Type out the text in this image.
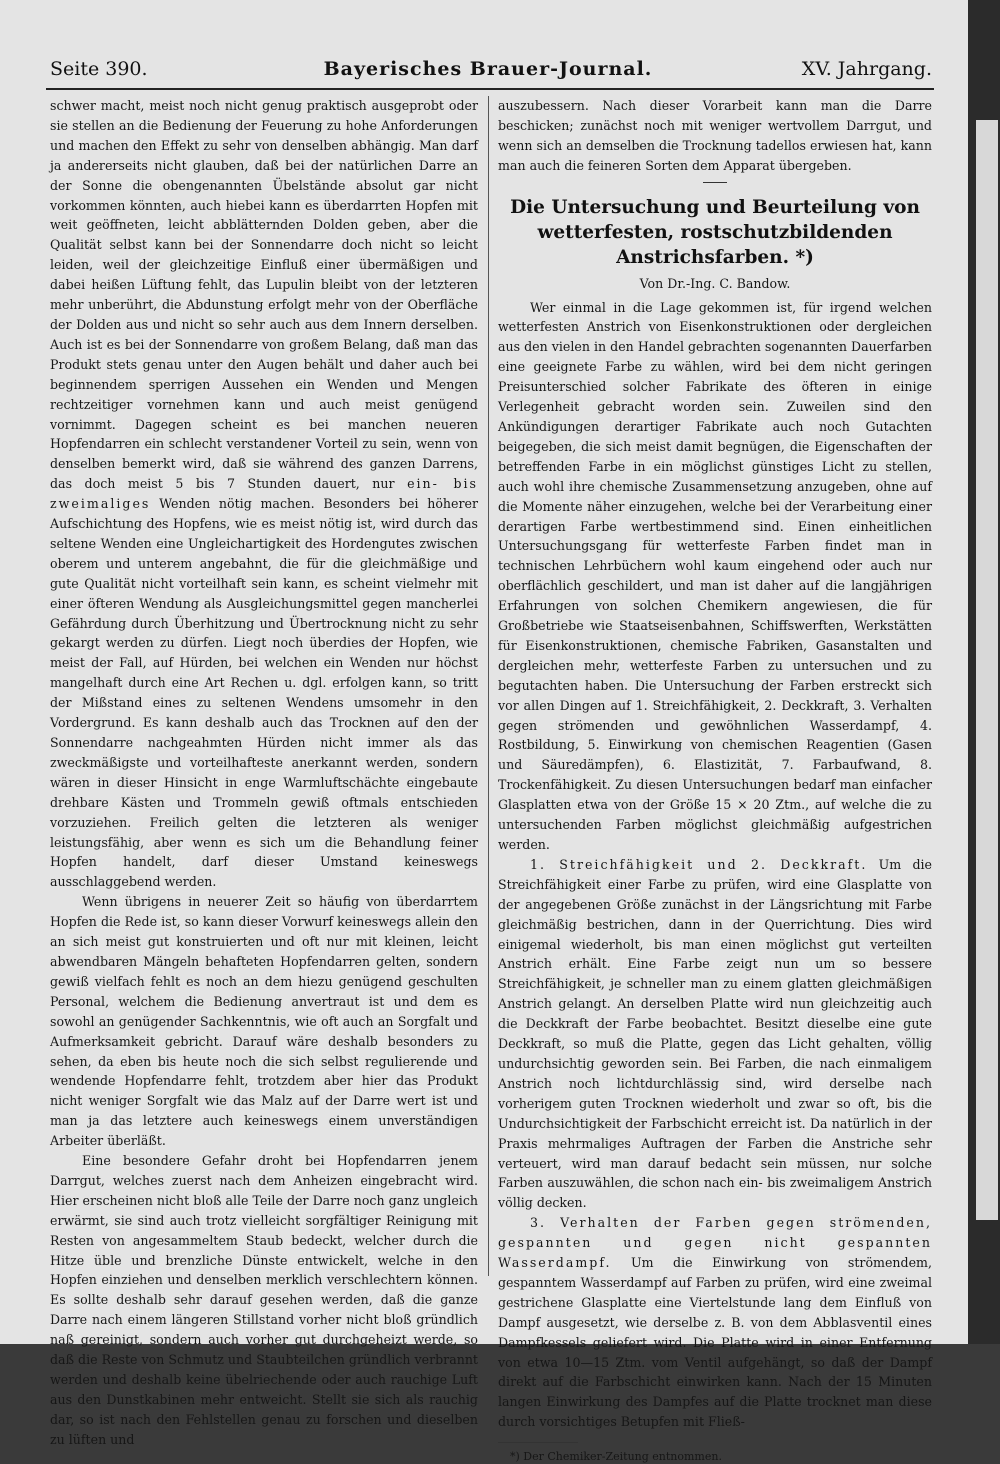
Seite 390.	Bayerisches Brauer-Journal.	XV. Jahrgang.

schwer macht, meist noch nicht genug praktisch ausgeprobt oder sie stellen an die Bedienung der Feuerung zu hohe Anforderungen und machen den Effekt zu sehr von denselben abhängig. Man darf ja andererseits nicht glauben, daß bei der natürlichen Darre an der Sonne die obengenannten Übelstände absolut gar nicht vorkommen könnten, auch hiebei kann es überdarrten Hopfen mit weit geöffneten, leicht abblätternden Dolden geben, aber die Qualität selbst kann bei der Sonnendarre doch nicht so leicht leiden, weil der gleichzeitige Einfluß einer übermäßigen und dabei heißen Lüftung fehlt, das Lupulin bleibt von der letzteren mehr unberührt, die Abdunstung erfolgt mehr von der Oberfläche der Dolden aus und nicht so sehr auch aus dem Innern derselben. Auch ist es bei der Sonnendarre von großem Belang, daß man das Produkt stets genau unter den Augen behält und daher auch bei beginnendem sperrigen Aussehen ein Wenden und Mengen rechtzeitiger vornehmen kann und auch meist genügend vornimmt. Dagegen scheint es bei manchen neueren Hopfendarren ein schlecht verstandener Vorteil zu sein, wenn von denselben bemerkt wird, daß sie während des ganzen Darrens, das doch meist 5 bis 7 Stunden dauert, nur ein- bis zweimaliges Wenden nötig machen. Besonders bei höherer Aufschichtung des Hopfens, wie es meist nötig ist, wird durch das seltene Wenden eine Ungleichartigkeit des Hordengutes zwischen oberem und unterem angebahnt, die für die gleichmäßige und gute Qualität nicht vorteilhaft sein kann, es scheint vielmehr mit einer öfteren Wendung als Ausgleichungsmittel gegen mancherlei Gefährdung durch Überhitzung und Übertrocknung nicht zu sehr gekargt werden zu dürfen. Liegt noch überdies der Hopfen, wie meist der Fall, auf Hürden, bei welchen ein Wenden nur höchst mangelhaft durch eine Art Rechen u. dgl. erfolgen kann, so tritt der Mißstand eines zu seltenen Wendens umsomehr in den Vordergrund. Es kann deshalb auch das Trocknen auf den der Sonnendarre nachgeahmten Hürden nicht immer als das zweckmäßigste und vorteilhafteste anerkannt werden, sondern wären in dieser Hinsicht in enge Warmluftschächte eingebaute drehbare Kästen und Trommeln gewiß oftmals entschieden vorzuziehen. Freilich gelten die letzteren als weniger leistungsfähig, aber wenn es sich um die Behandlung feiner Hopfen handelt, darf dieser Umstand keineswegs ausschlaggebend werden.

Wenn übrigens in neuerer Zeit so häufig von überdarrtem Hopfen die Rede ist, so kann dieser Vorwurf keineswegs allein den an sich meist gut konstruierten und oft nur mit kleinen, leicht abwendbaren Mängeln behafteten Hopfendarren gelten, sondern gewiß vielfach fehlt es noch an dem hiezu genügend geschulten Personal, welchem die Bedienung anvertraut ist und dem es sowohl an genügender Sachkenntnis, wie oft auch an Sorgfalt und Aufmerksamkeit gebricht. Darauf wäre deshalb besonders zu sehen, da eben bis heute noch die sich selbst regulierende und wendende Hopfendarre fehlt, trotzdem aber hier das Produkt nicht weniger Sorgfalt wie das Malz auf der Darre wert ist und man ja das letztere auch keineswegs einem unverständigen Arbeiter überläßt.

Eine besondere Gefahr droht bei Hopfendarren jenem Darrgut, welches zuerst nach dem Anheizen eingebracht wird. Hier erscheinen nicht bloß alle Teile der Darre noch ganz ungleich erwärmt, sie sind auch trotz vielleicht sorgfältiger Reinigung mit Resten von angesammeltem Staub bedeckt, welcher durch die Hitze üble und brenzliche Dünste entwickelt, welche in den Hopfen einziehen und denselben merklich verschlechtern können. Es sollte deshalb sehr darauf gesehen werden, daß die ganze Darre nach einem längeren Stillstand vorher nicht bloß gründlich naß gereinigt, sondern auch vorher gut durchgeheizt werde, so daß die Reste von Schmutz und Staubteilchen gründlich verbrannt werden und deshalb keine übelriechende oder auch rauchige Luft aus den Dunstkabinen mehr entweicht. Stellt sie sich als rauchig dar, so ist nach den Fehlstellen genau zu forschen und dieselben zu lüften und

auszubessern. Nach dieser Vorarbeit kann man die Darre beschicken; zunächst noch mit weniger wertvollem Darrgut, und wenn sich an demselben die Trocknung tadellos erwiesen hat, kann man auch die feineren Sorten dem Apparat übergeben.

Die Untersuchung und Beurteilung von wetterfesten, rostschutzbildenden Anstrichsfarben. *)
Von Dr.-Ing. C. Bandow.

Wer einmal in die Lage gekommen ist, für irgend welchen wetterfesten Anstrich von Eisenkonstruktionen oder dergleichen aus den vielen in den Handel gebrachten sogenannten Dauerfarben eine geeignete Farbe zu wählen, wird bei dem nicht geringen Preisunterschied solcher Fabrikate des öfteren in einige Verlegenheit gebracht worden sein. Zuweilen sind den Ankündigungen derartiger Fabrikate auch noch Gutachten beigegeben, die sich meist damit begnügen, die Eigenschaften der betreffenden Farbe in ein möglichst günstiges Licht zu stellen, auch wohl ihre chemische Zusammensetzung anzugeben, ohne auf die Momente näher einzugehen, welche bei der Verarbeitung einer derartigen Farbe wertbestimmend sind. Einen einheitlichen Untersuchungsgang für wetterfeste Farben findet man in technischen Lehrbüchern wohl kaum eingehend oder auch nur oberflächlich geschildert, und man ist daher auf die langjährigen Erfahrungen von solchen Chemikern angewiesen, die für Großbetriebe wie Staatseisenbahnen, Schiffswerften, Werkstätten für Eisenkonstruktionen, chemische Fabriken, Gasanstalten und dergleichen mehr, wetterfeste Farben zu untersuchen und zu begutachten haben. Die Untersuchung der Farben erstreckt sich vor allen Dingen auf 1. Streichfähigkeit, 2. Deckkraft, 3. Verhalten gegen strömenden und gewöhnlichen Wasserdampf, 4. Rostbildung, 5. Einwirkung von chemischen Reagentien (Gasen und Säuredämpfen), 6. Elastizität, 7. Farbaufwand, 8. Trockenfähigkeit. Zu diesen Untersuchungen bedarf man einfacher Glasplatten etwa von der Größe 15 × 20 Ztm., auf welche die zu untersuchenden Farben möglichst gleichmäßig aufgestrichen werden.

1. Streichfähigkeit und 2. Deckkraft. Um die Streichfähigkeit einer Farbe zu prüfen, wird eine Glasplatte von der angegebenen Größe zunächst in der Längsrichtung mit Farbe gleichmäßig bestrichen, dann in der Querrichtung. Dies wird einigemal wiederholt, bis man einen möglichst gut verteilten Anstrich erhält. Eine Farbe zeigt nun um so bessere Streichfähigkeit, je schneller man zu einem glatten gleichmäßigen Anstrich gelangt. An derselben Platte wird nun gleichzeitig auch die Deckkraft der Farbe beobachtet. Besitzt dieselbe eine gute Deckkraft, so muß die Platte, gegen das Licht gehalten, völlig undurchsichtig geworden sein. Bei Farben, die nach einmaligem Anstrich noch lichtdurchlässig sind, wird derselbe nach vorherigem guten Trocknen wiederholt und zwar so oft, bis die Undurchsichtigkeit der Farbschicht erreicht ist. Da natürlich in der Praxis mehrmaliges Auftragen der Farben die Anstriche sehr verteuert, wird man darauf bedacht sein müssen, nur solche Farben auszuwählen, die schon nach ein- bis zweimaligem Anstrich völlig decken.

3. Verhalten der Farben gegen strömenden, gespannten und gegen nicht gespannten Wasserdampf. Um die Einwirkung von strömendem, gespanntem Wasserdampf auf Farben zu prüfen, wird eine zweimal gestrichene Glasplatte eine Viertelstunde lang dem Einfluß von Dampf ausgesetzt, wie derselbe z. B. von dem Abblasventil eines Dampfkessels geliefert wird. Die Platte wird in einer Entfernung von etwa 10—15 Ztm. vom Ventil aufgehängt, so daß der Dampf direkt auf die Farbschicht einwirken kann. Nach der 15 Minuten langen Einwirkung des Dampfes auf die Platte trocknet man diese durch vorsichtiges Betupfen mit Fließ-

*) Der Chemiker-Zeitung entnommen.
